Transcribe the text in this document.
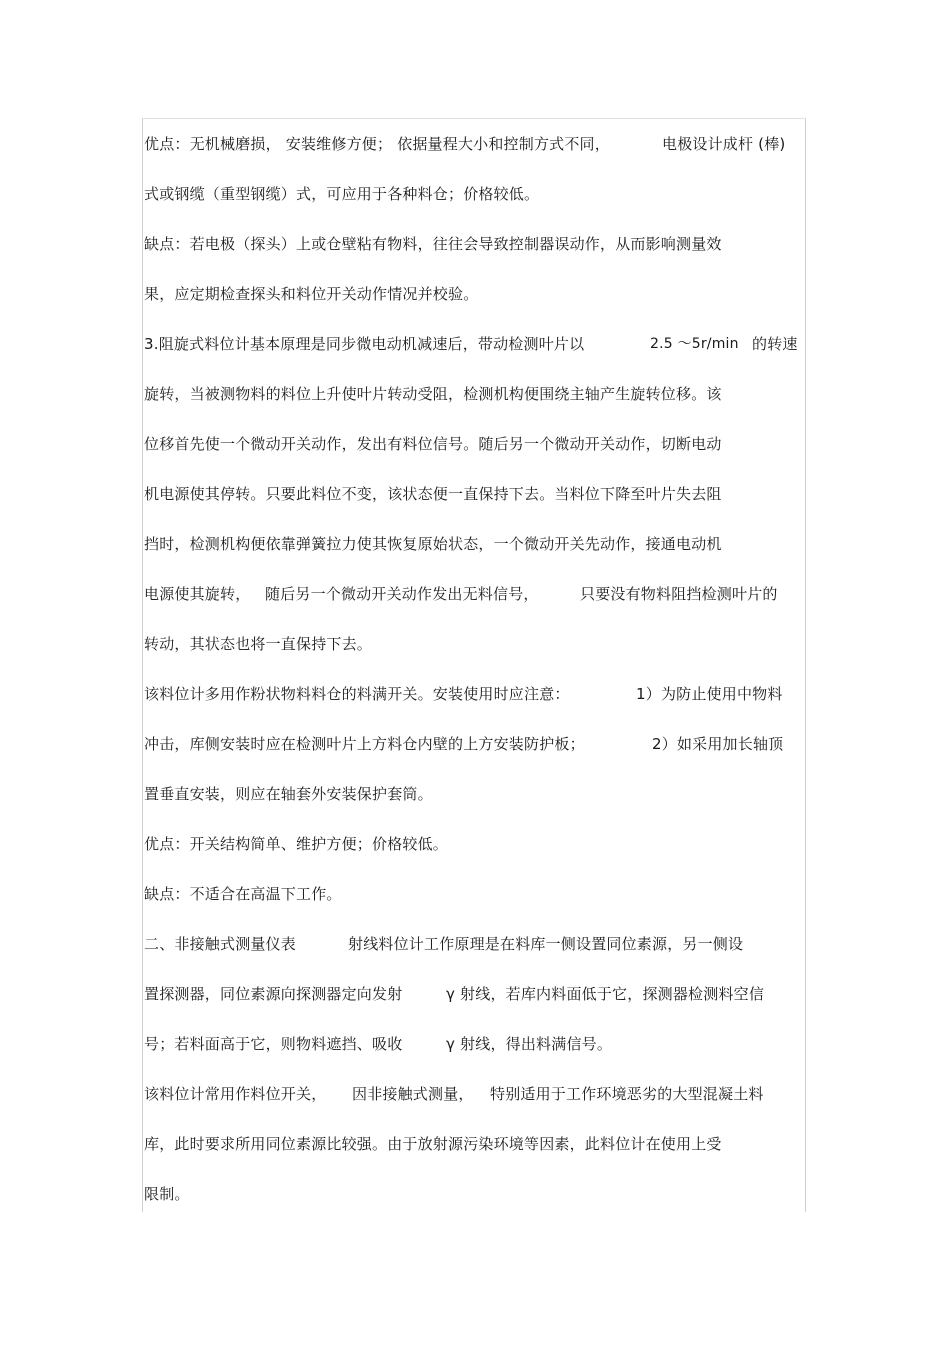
优点：无机械磨损， 安装维修方便； 依据量程大小和控制方式不同，	电极设计成杆 (棒)
式或钢缆（重型钢缆）式，可应用于各种料仓；价格较低。
缺点：若电极（探头）上或仓壁粘有物料，往往会导致控制器误动作，从而影响测量效
果，应定期检查探头和料位开关动作情况并校验。
3.阻旋式料位计基本原理是同步微电动机减速后，带动检测叶片以	2.5 ～5r/min 的转速
旋转，当被测物料的料位上升使叶片转动受阻，检测机构便围绕主轴产生旋转位移。该
位移首先使一个微动开关动作，发出有料位信号。随后另一个微动开关动作，切断电动
机电源使其停转。只要此料位不变，该状态便一直保持下去。当料位下降至叶片失去阻
挡时，检测机构便依靠弹簧拉力使其恢复原始状态，一个微动开关先动作，接通电动机
电源使其旋转， 随后另一个微动开关动作发出无料信号，	只要没有物料阻挡检测叶片的
转动，其状态也将一直保持下去。
该料位计多用作粉状物料料仓的料满开关。安装使用时应注意：	1）为防止使用中物料
冲击，库侧安装时应在检测叶片上方料仓内壁的上方安装防护板；	2）如采用加长轴顶
置垂直安装，则应在轴套外安装保护套筒。
优点：开关结构简单、维护方便；价格较低。
缺点：不适合在高温下工作。
二、非接触式测量仪表	射线料位计工作原理是在料库一侧设置同位素源，另一侧设
置探测器，同位素源向探测器定向发射	γ 射线，若库内料面低于它，探测器检测料空信
号；若料面高于它，则物料遮挡、吸收	γ 射线，得出料满信号。
该料位计常用作料位开关， 因非接触式测量， 特别适用于工作环境恶劣的大型混凝土料
库，此时要求所用同位素源比较强。由于放射源污染环境等因素，此料位计在使用上受
限制。
